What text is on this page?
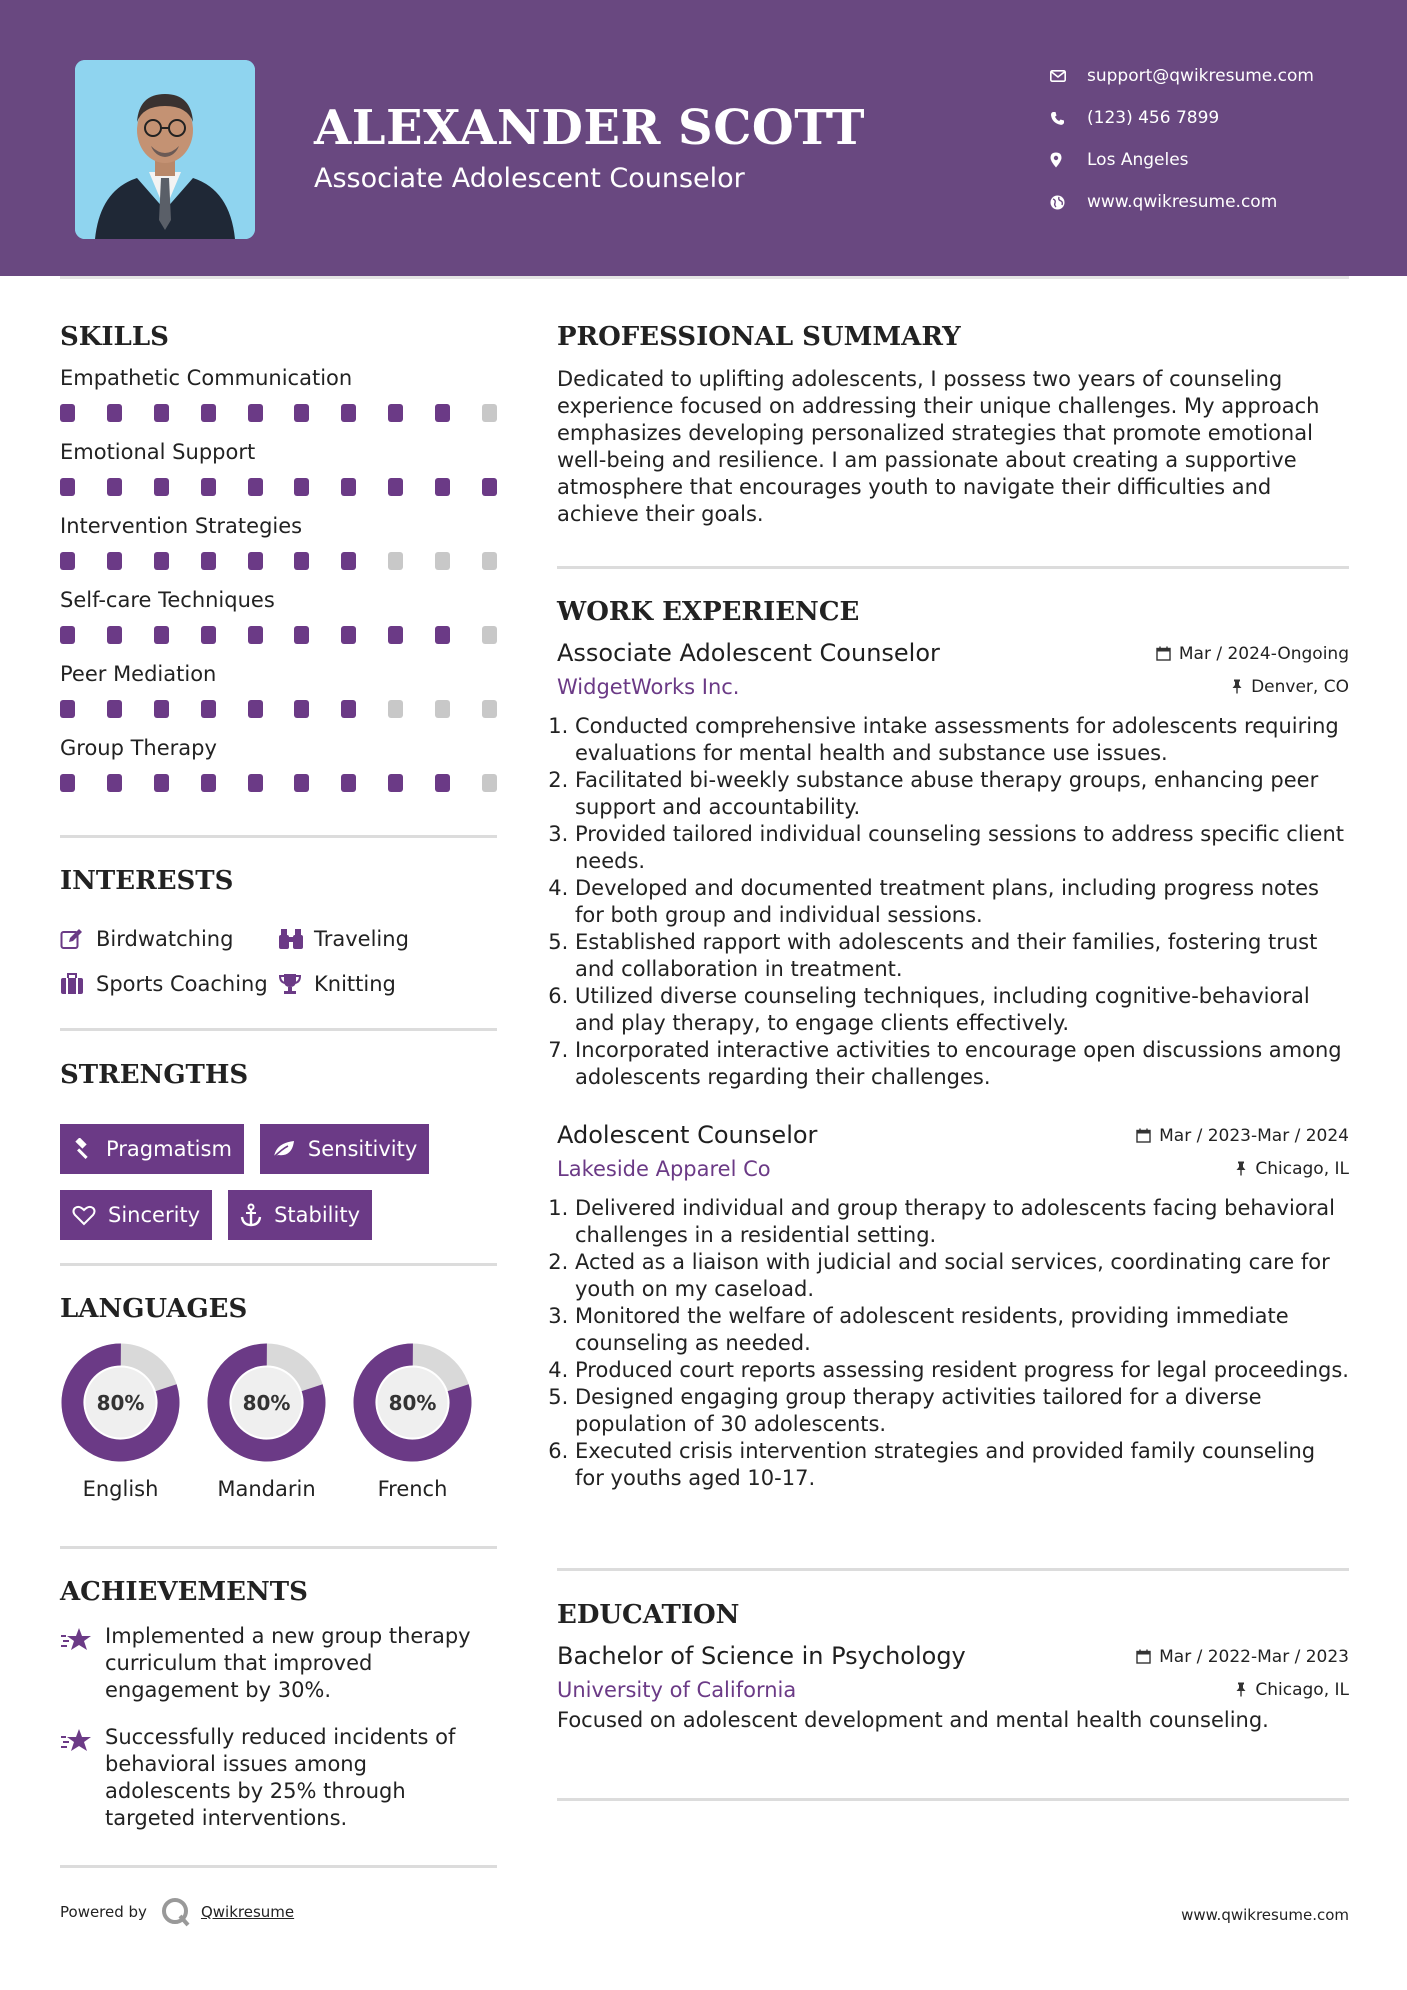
ALEXANDER SCOTT
Associate Adolescent Counselor
support@qwikresume.com
(123) 456 7899
Los Angeles
www.qwikresume.com
SKILLS
Empathetic Communication
Emotional Support
Intervention Strategies
Self-care Techniques
Peer Mediation
Group Therapy
INTERESTS
Birdwatching	Traveling
Sports Coaching Knitting
STRENGTHS
Pragmatism	Sensitivity
Sincerity	Stability
LANGUAGES
80%
English
80%
Mandarin
80%
French
ACHIEVEMENTS
Implemented a new group therapy curriculum that improved engagement by 30%.
Successfully reduced incidents of behavioral issues among adolescents by 25% through targeted interventions.
PROFESSIONAL SUMMARY
Dedicated to uplifting adolescents, I possess two years of counseling experience focused on addressing their unique challenges. My approach emphasizes developing personalized strategies that promote emotional well-being and resilience. I am passionate about creating a supportive atmosphere that encourages youth to navigate their difficulties and achieve their goals.
WORK EXPERIENCE
Associate Adolescent Counselor	Mar / 2024-Ongoing
WidgetWorks Inc.	Denver, CO
1. Conducted comprehensive intake assessments for adolescents requiring evaluations for mental health and substance use issues.
2. Facilitated bi-weekly substance abuse therapy groups, enhancing peer support and accountability.
3. Provided tailored individual counseling sessions to address specific client needs.
4. Developed and documented treatment plans, including progress notes for both group and individual sessions.
5. Established rapport with adolescents and their families, fostering trust and collaboration in treatment.
6. Utilized diverse counseling techniques, including cognitive-behavioral and play therapy, to engage clients effectively.
7. Incorporated interactive activities to encourage open discussions among adolescents regarding their challenges.
Adolescent Counselor	Mar / 2023-Mar / 2024
Lakeside Apparel Co	Chicago, IL
1. Delivered individual and group therapy to adolescents facing behavioral challenges in a residential setting.
2. Acted as a liaison with judicial and social services, coordinating care for youth on my caseload.
3. Monitored the welfare of adolescent residents, providing immediate counseling as needed.
4. Produced court reports assessing resident progress for legal proceedings.
5. Designed engaging group therapy activities tailored for a diverse population of 30 adolescents.
6. Executed crisis intervention strategies and provided family counseling for youths aged 10-17.
EDUCATION
Bachelor of Science in Psychology	Mar / 2022-Mar / 2023
University of California	Chicago, IL
Focused on adolescent development and mental health counseling.
Powered by	Qwikresume	www.qwikresume.com
